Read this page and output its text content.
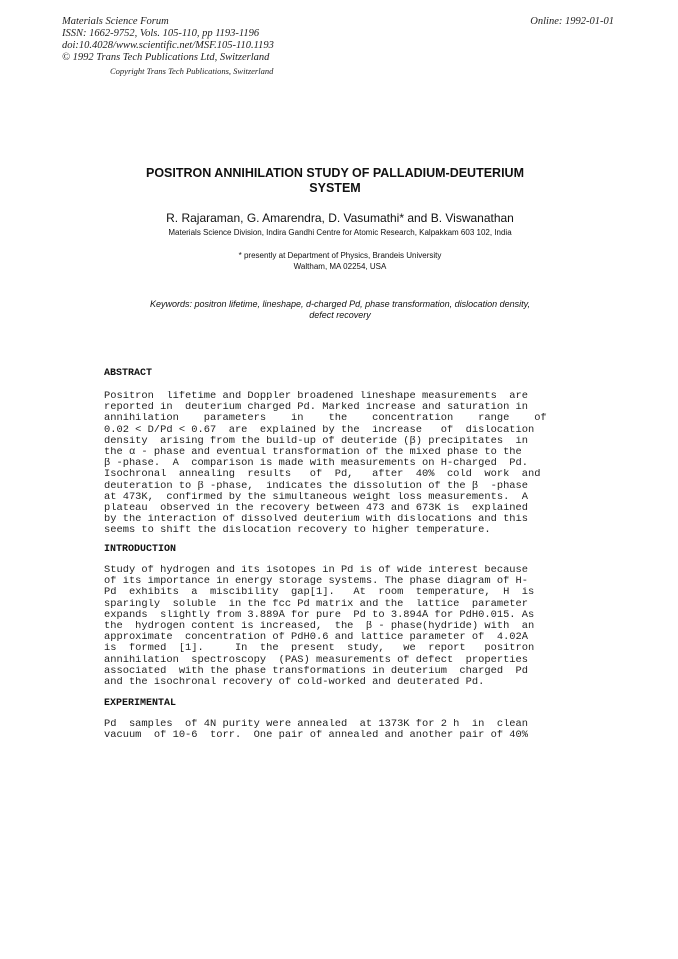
Materials Science Forum
ISSN: 1662-9752, Vols. 105-110, pp 1193-1196
doi:10.4028/www.scientific.net/MSF.105-110.1193
© 1992 Trans Tech Publications Ltd, Switzerland
Online: 1992-01-01
Copyright Trans Tech Publications, Switzerland
POSITRON ANNIHILATION STUDY OF PALLADIUM-DEUTERIUM
SYSTEM
R. Rajaraman, G. Amarendra, D. Vasumathi* and B. Viswanathan
Materials Science Division, Indira Gandhi Centre for Atomic Research, Kalpakkam 603 102, India
* presently at Department of Physics, Brandeis University
Waltham, MA 02254, USA
Keywords: positron lifetime, lineshape, d-charged Pd, phase transformation, dislocation density,
defect recovery
ABSTRACT
Positron  lifetime and Doppler broadened lineshape measurements  are
reported in  deuterium charged Pd. Marked increase and saturation in
annihilation    parameters    in    the    concentration    range    of
0.02 < D/Pd < 0.67  are  explained by the  increase   of  dislocation
density  arising from the build-up of deuteride (β) precipitates  in
the α - phase and eventual transformation of the mixed phase to the
β -phase.  A  comparison is made with measurements on H-charged  Pd.
Isochronal  annealing  results   of  Pd,   after  40%  cold  work  and
deuteration to β -phase,  indicates the dissolution of the β  -phase
at 473K,  confirmed by the simultaneous weight loss measurements.  A
plateau  observed in the recovery between 473 and 673K is  explained
by the interaction of dissolved deuterium with dislocations and this
seems to shift the dislocation recovery to higher temperature.
INTRODUCTION
Study of hydrogen and its isotopes in Pd is of wide interest because
of its importance in energy storage systems. The phase diagram of H-
Pd  exhibits  a  miscibility  gap[1].   At  room  temperature,  H  is
sparingly  soluble  in the fcc Pd matrix and the  lattice  parameter
expands  slightly from 3.889Å for pure  Pd to 3.894Å for PdH0.015. As
the  hydrogen content is increased,  the  β - phase(hydride) with  an
approximate  concentration of PdH0.6 and lattice parameter of  4.02Å
is  formed  [1].     In  the  present  study,   we  report   positron
annihilation  spectroscopy  (PAS) measurements of defect  properties
associated  with the phase transformations in deuterium  charged  Pd
and the isochronal recovery of cold-worked and deuterated Pd.
EXPERIMENTAL
Pd  samples  of 4N purity were annealed  at 1373K for 2 h  in  clean
vacuum  of 10-6  torr.  One pair of annealed and another pair of 40%
